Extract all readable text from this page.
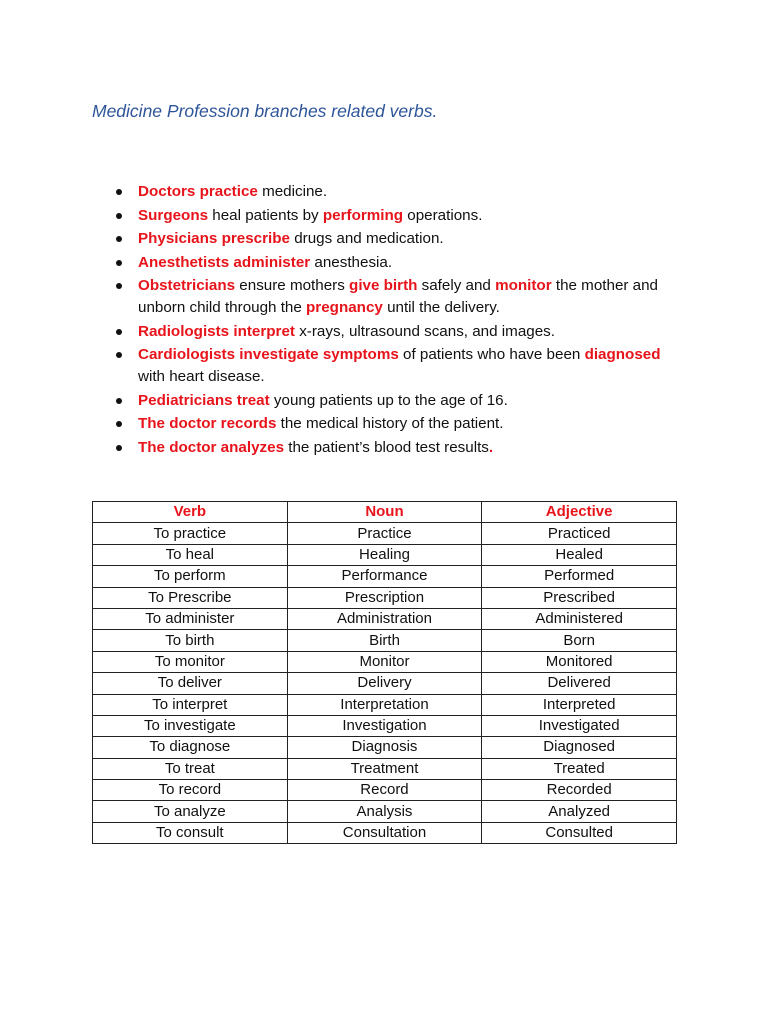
Medicine Profession branches related verbs.
Doctors practice medicine.
Surgeons heal patients by performing operations.
Physicians prescribe drugs and medication.
Anesthetists administer anesthesia.
Obstetricians ensure mothers give birth safely and monitor the mother and unborn child through the pregnancy until the delivery.
Radiologists interpret x-rays, ultrasound scans, and images.
Cardiologists investigate symptoms of patients who have been diagnosed with heart disease.
Pediatricians treat young patients up to the age of 16.
The doctor records the medical history of the patient.
The doctor analyzes the patient’s blood test results.
Verb	Noun	Adjective
To practice	Practice	Practiced
To heal	Healing	Healed
To perform	Performance	Performed
To Prescribe	Prescription	Prescribed
To administer	Administration	Administered
To birth	Birth	Born
To monitor	Monitor	Monitored
To deliver	Delivery	Delivered
To interpret	Interpretation	Interpreted
To investigate	Investigation	Investigated
To diagnose	Diagnosis	Diagnosed
To treat	Treatment	Treated
To record	Record	Recorded
To analyze	Analysis	Analyzed
To consult	Consultation	Consulted
